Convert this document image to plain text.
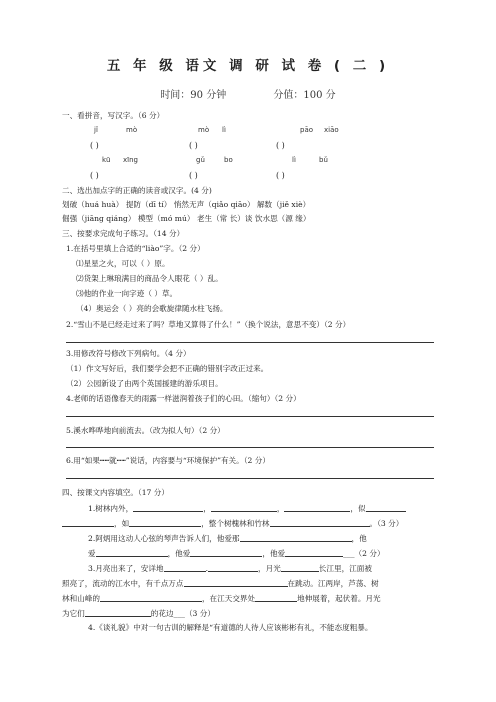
五 年 级 语文 调 研 试 卷 ( 二 )
时间：90 分钟	分值：100 分
一、看拼音，写汉字。（6 分）
jǐ	mò	mò lì	pāo xiāo
( )	( )	( )
kū xīng	gǔ	bo	lì	bǔ
( )	( )	( )
二、选出加点字的正确的读音或汉字。(4 分)
划破（huá huà） 提防（dī tí） 悄然无声（qiǎo qiāo） 解数（jiě xiè）
倔强（jiāng qiáng） 模型（mó mú） 老生（常 长）谈 饮水思（源 缘）
三、按要求完成句子练习。（14 分）
1.在括号里填上合适的“liào”字。（2 分）
⑴星星之火，可以（ ）原。
⑵货架上琳琅满目的商品令人眼花（ ）乱。
⑶他的作业一向字迹（ ）草。
（4）奥运会（ ）亮的会歌旋律随水柱飞扬。
2.“雪山不是已经走过来了吗？草地又算得了什么！”（换个说法，意思不变）（2 分）
3.用修改符号修改下列病句。（4 分）
（1）作文写好后，我们要学会把不正确的错别字改正过来。
（2）公园新设了由两个英国援建的游乐项目。
4.老师的话语像春天的雨露一样滋润着孩子们的心田。（缩句）（2 分）
5.溪水哗哗地向前流去。（改为拟人句）（2 分）
6.用“如果┅┅就┅┅”说话，内容要与“环境保护”有关。（2 分）
四、按课文内容填空。（17 分）
1.树林内外，	，	，	，似
，如	，整个树槐林和竹林	。（3 分）
2.阿炳用这动人心弦的琴声告诉人们，他爱那	，他
爱	，他爱	，他爱	___（2 分）
3.月亮出来了，安详地	.	，月光	长江里，江面被
照亮了，流动的江水中，有千点万点	在跳动。江两岸，芦荡、树
林和山峰的	，在江天交界处	地伸展着，起伏着。月光
为它们	的花边___（3 分）
4.《谈礼貌》中对一句古训的解释是“有道德的人待人应该彬彬有礼，不能态度粗暴。
